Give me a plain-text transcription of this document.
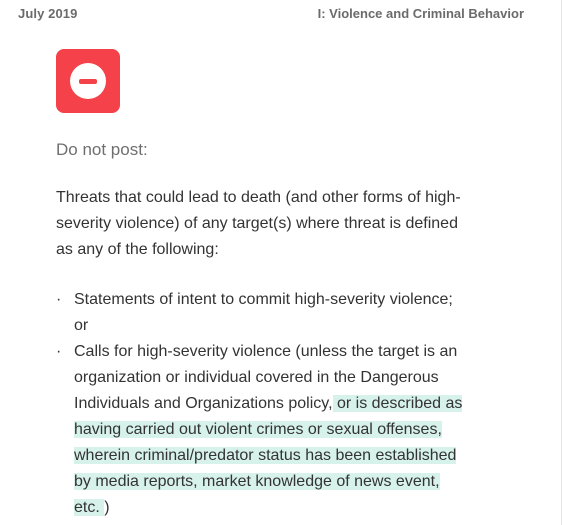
July 2019	I: Violence and Criminal Behavior
Do not post:

Threats that could lead to death (and other forms of high-
severity violence) of any target(s) where threat is defined
as any of the following:

· Statements of intent to commit high-severity violence;
or
· Calls for high-severity violence (unless the target is an
organization or individual covered in the Dangerous
Individuals and Organizations policy, or is described as
having carried out violent crimes or sexual offenses,
wherein criminal/predator status has been established
by media reports, market knowledge of news event,
etc. )
